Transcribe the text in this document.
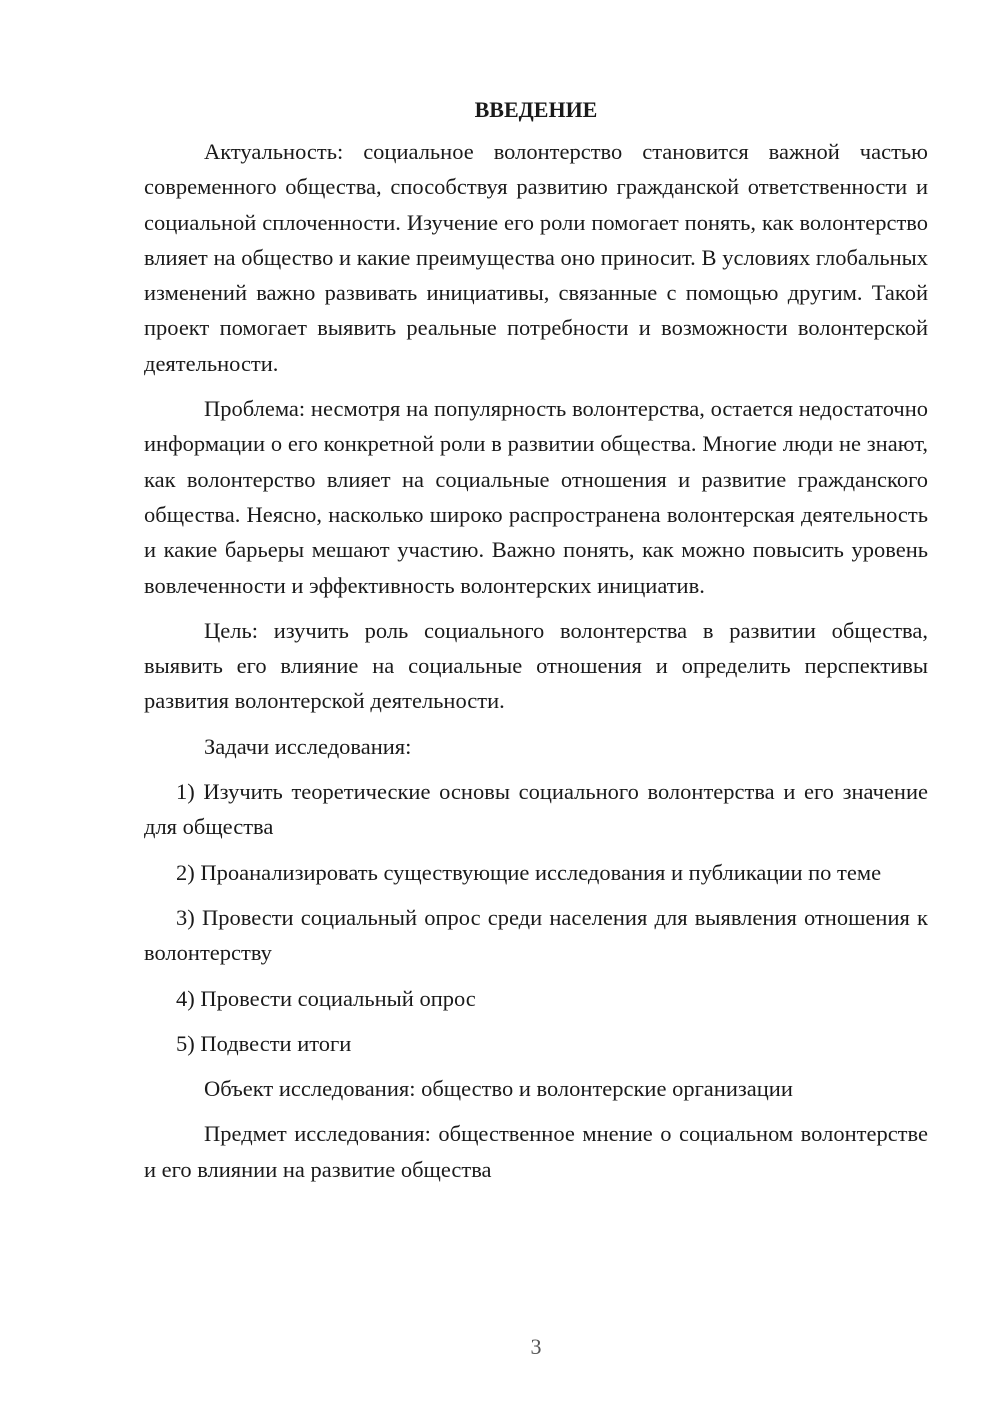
ВВЕДЕНИЕ

Актуальность: социальное волонтерство становится важной частью современного общества, способствуя развитию гражданской ответственности и социальной сплоченности. Изучение его роли помогает понять, как волонтерство влияет на общество и какие преимущества оно приносит. В условиях глобальных изменений важно развивать инициативы, связанные с помощью другим. Такой проект помогает выявить реальные потребности и возможности волонтерской деятельности.

Проблема: несмотря на популярность волонтерства, остается недостаточно информации о его конкретной роли в развитии общества. Многие люди не знают, как волонтерство влияет на социальные отношения и развитие гражданского общества. Неясно, насколько широко распространена волонтерская деятельность и какие барьеры мешают участию. Важно понять, как можно повысить уровень вовлеченности и эффективность волонтерских инициатив.

Цель: изучить роль социального волонтерства в развитии общества, выявить его влияние на социальные отношения и определить перспективы развития волонтерской деятельности.

Задачи исследования:

1) Изучить теоретические основы социального волонтерства и его значение для общества

2) Проанализировать существующие исследования и публикации по теме

3) Провести социальный опрос среди населения для выявления отношения к волонтерству

4) Провести социальный опрос

5) Подвести итоги

Объект исследования: общество и волонтерские организации

Предмет исследования: общественное мнение о социальном волонтерстве и его влиянии на развитие общества

3
